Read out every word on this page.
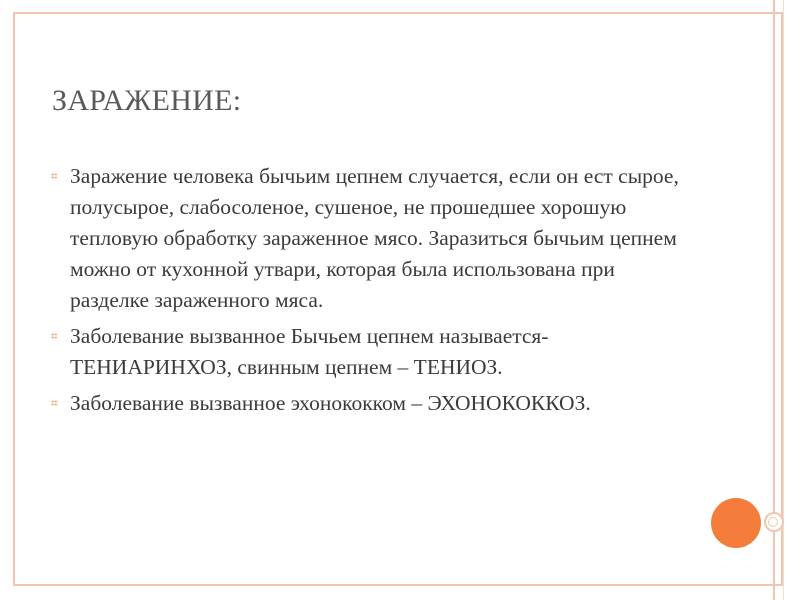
ЗАРАЖЕНИЕ:
⌗ Заражение человека бычьим цепнем случается, если он ест сырое, полусырое, слабосоленое, сушеное, не прошедшее хорошую тепловую обработку зараженное мясо. Заразиться бычьим цепнем можно от кухонной утвари, которая была использована при разделке зараженного мяса.
⌗ Заболевание вызванное Бычьем цепнем называется- ТЕНИАРИНХОЗ, свинным цепнем – ТЕНИОЗ.
⌗ Заболевание вызванное эхонококком – ЭХОНОКОККОЗ.
